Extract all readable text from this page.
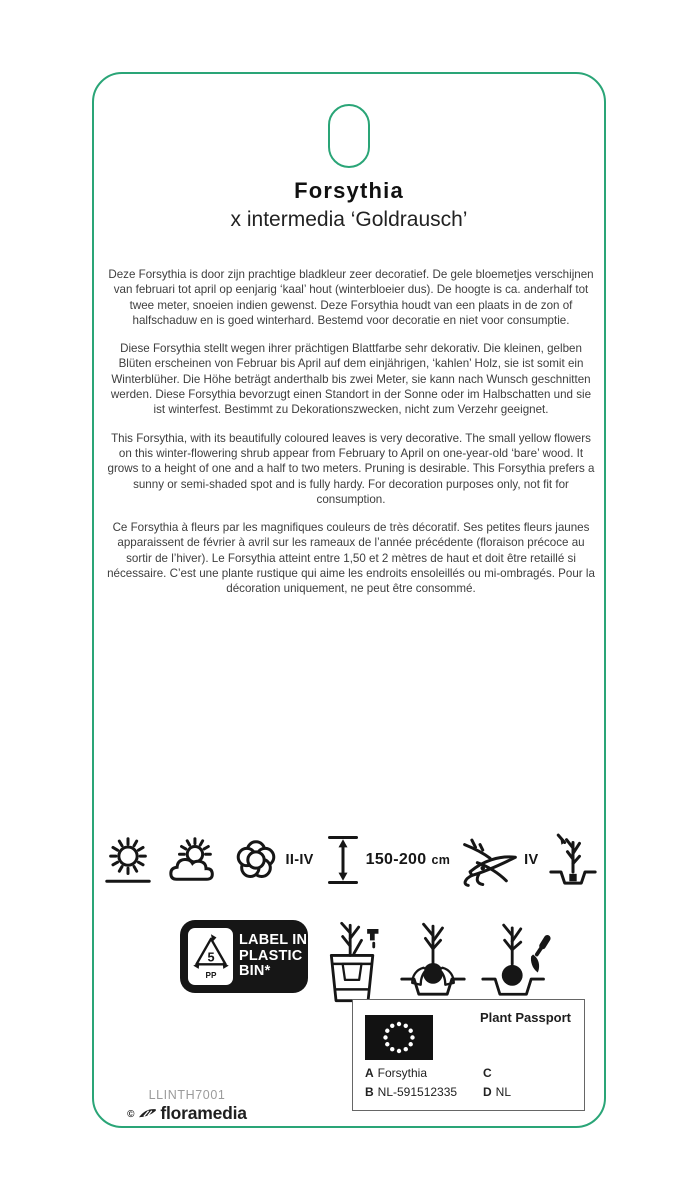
Forsythia
x intermedia ‘Goldrausch’

Deze Forsythia is door zijn prachtige bladkleur zeer decoratief. De gele bloemetjes verschijnen van februari tot april op eenjarig ‘kaal’ hout (winterbloeier dus). De hoogte is ca. anderhalf tot twee meter, snoeien indien gewenst. Deze Forsythia houdt van een plaats in de zon of halfschaduw en is goed winterhard. Bestemd voor decoratie en niet voor consumptie.

Diese Forsythia stellt wegen ihrer prächtigen Blattfarbe sehr dekorativ. Die kleinen, gelben Blüten erscheinen von Februar bis April auf dem einjährigen, ‘kahlen’ Holz, sie ist somit ein Winterblüher. Die Höhe beträgt anderthalb bis zwei Meter, sie kann nach Wunsch geschnitten werden. Diese Forsythia bevorzugt einen Standort in der Sonne oder im Halbschatten und sie ist winterfest. Bestimmt zu Dekorationszwecken, nicht zum Verzehr geeignet.

This Forsythia, with its beautifully coloured leaves is very decorative. The small yellow flowers on this winter-flowering shrub appear from February to April on one-year-old ‘bare’ wood. It grows to a height of one and a half to two meters. Pruning is desirable. This Forsythia prefers a sunny or semi-shaded spot and is fully hardy. For decoration purposes only, not fit for consumption.

Ce Forsythia à fleurs par les magnifiques couleurs de très décoratif. Ses petites fleurs jaunes apparaissent de février à avril sur les rameaux de l’année précédente (floraison précoce au sortir de l’hiver). Le Forsythia atteint entre 1,50 et 2 mètres de haut et doit être retaillé si nécessaire. C’est une plante rustique qui aime les endroits ensoleillés ou mi-ombragés. Pour la décoration uniquement, ne peut être consommé.

II-IV	150-200 cm	IV
5
PP
LABEL IN
PLASTIC
BIN*
Plant Passport
A Forsythia	C
B NL-591512335	D NL
LLINTH7001
© floramedia
